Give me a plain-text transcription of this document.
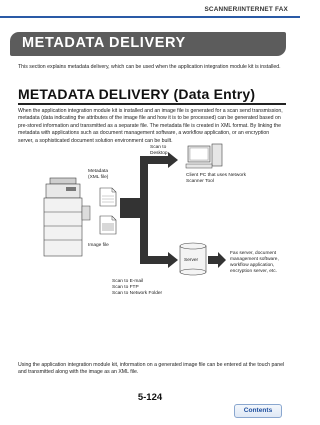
SCANNER/INTERNET FAX
METADATA DELIVERY
This section explains metadata delivery, which can be used when the application integration module kit is installed.
METADATA DELIVERY (Data Entry)
When the application integration module kit is installed and an image file is generated for a scan send transmission, metadata (data indicating the attributes of the image file and how it is to be processed) can be generated based on pre-stored information and transmitted as a separate file. The metadata file is created in XML format. By linking the metadata with applications such as document management software, a workflow application, or an encryption server, a sophisticated document solution environment can be built.
Metadata
(XML file)
Image file
Scan to
Desktop
Client PC that uses Network
Scanner Tool
Server
Fax server, document
management software,
workflow application,
encryption server, etc.
Scan to E-mail
Scan to FTP
Scan to Network Folder
Using the application integration module kit, information on a generated image file can be entered at the touch panel and transmitted along with the image as an XML file.
5-124
Contents
